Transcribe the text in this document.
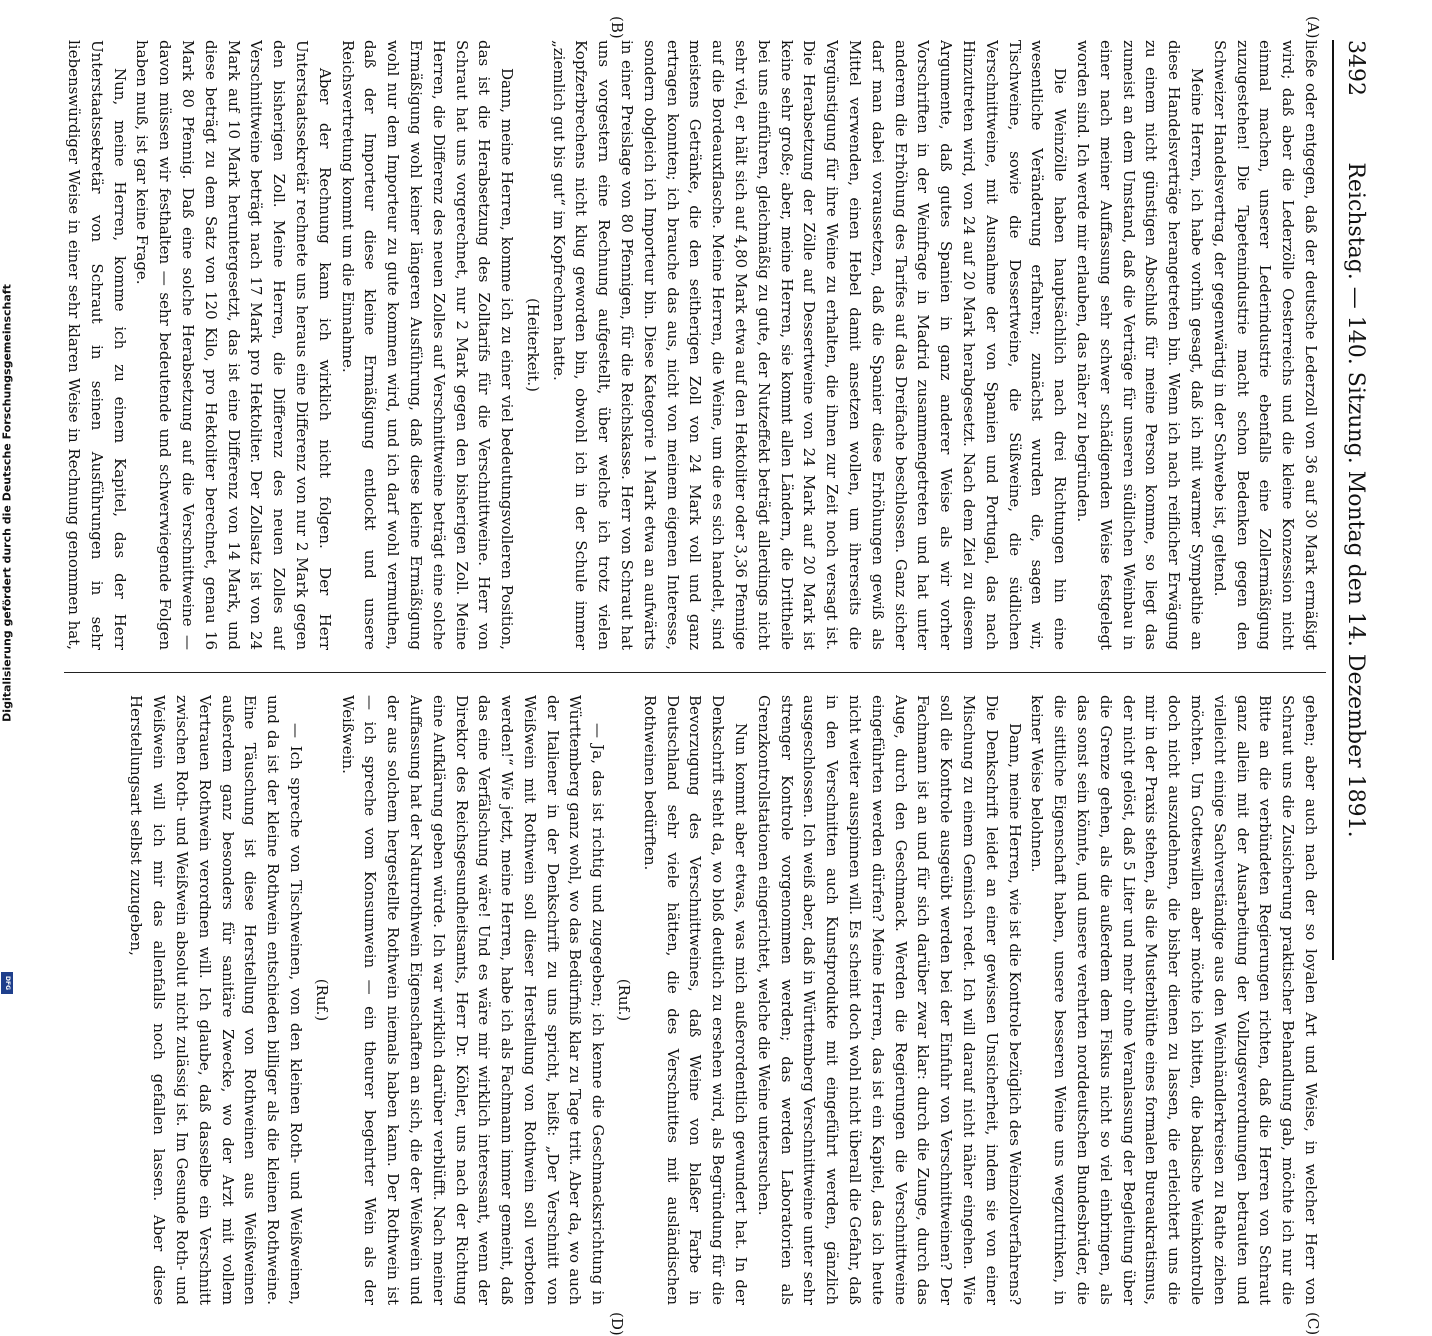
3492
Reichstag. — 140. Sitzung. Montag den 14. Dezember 1891.

ließe oder entgegen, daß der deutsche Lederzoll von 36 auf 30 Mark ermäßigt wird; daß aber die Lederzölle Oesterreichs und die kleine Konzession nicht einmal machen, unserer Lederindustrie ebenfalls eine Zollermäßigung zuzugestehen! Die Tapetenindustrie macht schon Bedenken gegen den Schweizer Handelsvertrag, der gegenwärtig in der Schwebe ist, geltend.

Meine Herren, ich habe vorhin gesagt, daß ich mit warmer Sympathie an diese Handelsverträge herangetreten bin. Wenn ich nach reiflicher Erwägung zu einem nicht günstigen Abschluß für meine Person komme, so liegt das zumeist an dem Umstand, daß die Verträge für unseren südlichen Weinbau in einer nach meiner Auffassung sehr schwer schädigenden Weise festgelegt worden sind. Ich werde mir erlauben, das näher zu begründen.

Die Weinzölle haben hauptsächlich nach drei Richtungen hin eine wesentliche Veränderung erfahren; zunächst wurden die, sagen wir, Tischweine, sowie die Dessertweine, die Süßweine, die südlichen Verschnittweine, mit Ausnahme der von Spanien und Portugal, das nach Hinzutreten wird, von 24 auf 20 Mark herabgesetzt. Nach dem Ziel zu diesem Argumente, daß gutes Spanien in ganz anderer Weise als wir vorher Vorschriften in der Weinfrage in Madrid zusammengetreten und hat unter anderem die Erhöhung des Tarifes auf das Dreifache beschlossen. Ganz sicher darf man dabei voraussetzen, daß die Spanier diese Erhöhungen gewiß als Mittel verwenden, einen Hebel damit ansetzen wollen, um ihrerseits die Vergünstigung für ihre Weine zu erhalten, die ihnen zur Zeit noch versagt ist. Die Herabsetzung der Zölle auf Dessertweine von 24 Mark auf 20 Mark ist keine sehr große; aber, meine Herren, sie kommt allen Ländern, die Drittheile bei uns einführen, gleichmäßig zu gute, der Nutzeffekt beträgt allerdings nicht sehr viel, er hält sich auf 4,80 Mark etwa auf den Hektoliter oder 3,36 Pfennige auf die Bordeauxflasche. Meine Herren, die Weine, um die es sich handelt, sind meistens Getränke, die den seitherigen Zoll von 24 Mark voll und ganz ertragen konnten; ich brauche das aus, nicht von meinem eigenen Interesse, sondern obgleich ich Importeur bin. Diese Kategorie 1 Mark etwa an aufwärts in einer Preislage von 80 Pfennigen, für die Reichskasse. Herr von Schraut hat uns vorgestern eine Rechnung aufgestellt, über welche ich trotz vielen Kopfzerbrechens nicht klug geworden bin, obwohl ich in der Schule immer „ziemlich gut bis gut“ im Kopfrechnen hatte.

(Heiterkeit.)

Dann, meine Herren, komme ich zu einer viel bedeutungsvolleren Position, das ist die Herabsetzung des Zolltarifs für die Verschnittweine. Herr von Schraut hat uns vorgerechnet, nur 2 Mark gegen den bisherigen Zoll. Meine Herren, die Differenz des neuen Zolles auf Verschnittweine beträgt eine solche Ermäßigung wohl keiner längeren Ausführung, daß diese kleine Ermäßigung wohl nur dem Importeur zu gute kommen wird, und ich darf wohl vermuthen, daß der Importeur diese kleine Ermäßigung entlockt und unsere Reichsvertretung kommt um die Einnahme.

Aber der Rechnung kann ich wirklich nicht folgen. Der Herr Unterstaatssekretär rechnete uns heraus eine Differenz von nur 2 Mark gegen den bisherigen Zoll. Meine Herren, die Differenz des neuen Zolles auf Verschnittweine beträgt nach 17 Mark pro Hektoliter. Der Zollsatz ist von 24 Mark auf 10 Mark heruntergesetzt, das ist eine Differenz von 14 Mark, und diese beträgt zu dem Satz von 120 Kilo, pro Hektoliter berechnet, genau 16 Mark 80 Pfennig. Daß eine solche Herabsetzung auf die Verschnittweine — davon müssen wir festhalten — sehr bedeutende und schwerwiegende Folgen haben muß, ist gar keine Frage.

Nun, meine Herren, komme ich zu einem Kapitel, das der Herr Unterstaatssekretär von Schraut in seinen Ausführungen in sehr liebenswürdiger Weise in einer sehr klaren Weise in Rechnung genommen hat,

gehen; aber auch nach der so loyalen Art und Weise, in welcher Herr von Schraut uns die Zusicherung praktischer Behandlung gab, möchte ich nur die Bitte an die verbündeten Regierungen richten, daß die Herren von Schraut ganz allein mit der Ausarbeitung der Vollzugsverordnungen betrauten und vielleicht einige Sachverständige aus den Weinhändlerkreisen zu Rathe ziehen möchten. Um Gotteswillen aber möchte ich bitten, die badische Weinkontrolle doch nicht auszudehnen, die bisher dienen zu lassen, die erleichtert uns die mir in der Praxis stehen, als die Musterblüthe eines formalen Bureaukratismus, der nicht gelöst, daß 5 Liter und mehr ohne Veranlassung der Begleitung über die Grenze gehen, als die außerdem dem Fiskus nicht so viel einbringen, als das sonst sein könnte, und unsere verehrten norddeutschen Bundesbrüder, die die sittliche Eigenschaft haben, unsere besseren Weine uns wegzutrinken, in keiner Weise belohnen.

Dann, meine Herren, wie ist die Kontrole bezüglich des Weinzollverfahrens? Die Denkschrift leidet an einer gewissen Unsicherheit, indem sie von einer Mischung zu einem Gemisch redet. Ich will darauf nicht näher eingehen. Wie soll die Kontrole ausgeübt werden bei der Einfuhr von Verschnittweinen? Der Fachmann ist an und für sich darüber zwar klar: durch die Zunge, durch das Auge, durch den Geschmack. Werden die Regierungen die Verschnittweine eingeführten werden dürfen? Meine Herren, das ist ein Kapitel, das ich heute nicht weiter ausspinnen will. Es scheint doch wohl nicht überall die Gefahr, daß in den Verschnitten auch Kunstprodukte mit eingeführt werden, gänzlich ausgeschlossen. Ich weiß aber, daß in Württemberg Verschnittweine unter sehr strenger Kontrole vorgenommen werden; das werden Laboratorien als Grenzkontrollstationen eingerichtet, welche die Weine untersuchen.

Nun kommt aber etwas, was mich außerordentlich gewundert hat. In der Denkschrift steht da, wo bloß deutlich zu ersehen wird, als Begründung für die Bevorzugung des Verschnittweines, daß Weine von blaßer Farbe in Deutschland sehr viele hätten, die des Verschnittes mit ausländischen Rothweinen bedürften.

(Ruf.)

— Ja, das ist richtig und zugegeben; ich kenne die Geschmacksrichtung in Württemberg ganz wohl, wo das Bedürfniß klar zu Tage tritt. Aber da, wo auch der Italiener in der Denkschrift zu uns spricht, heißt: „Der Verschnitt von Weißwein mit Rothwein soll dieser Herstellung von Rothwein soll verboten werden!“ Wie jetzt, meine Herren, habe ich als Fachmann immer gemeint, daß das eine Verfälschung wäre! Und es wäre mir wirklich interessant, wenn der Direktor des Reichsgesundheitsamts, Herr Dr. Köhler, uns nach der Richtung eine Aufklärung geben würde. Ich war wirklich darüber verblüfft. Nach meiner Auffassung hat der Naturrothwein Eigenschaften an sich, die der Weißwein und der aus solchem hergestellte Rothwein niemals haben kann. Der Rothwein ist — ich spreche vom Konsumwein — ein theurer begehrter Wein als der Weißwein.

(Ruf.)

— Ich spreche von Tischweinen, von den kleinen Roth- und Weißweinen, und da ist der kleine Rothwein entschieden billiger als die kleinen Rothweine. Eine Täuschung ist diese Herstellung von Rothweinen aus Weißweinen außerdem ganz besonders für sanitäre Zwecke, wo der Arzt mit vollem Vertrauen Rothwein verordnen will. Ich glaube, daß dasselbe ein Verschnitt zwischen Roth- und Weißwein absolut nicht zulässig ist. Im Gesunde Roth- und Weißwein will ich mir das allenfalls noch gefallen lassen. Aber diese Herstellungsart selbst zuzugeben,

(A)
(B)
(C)
(D)
Digitalisierung gefördert durch die Deutsche Forschungsgemeinschaft
DFG
